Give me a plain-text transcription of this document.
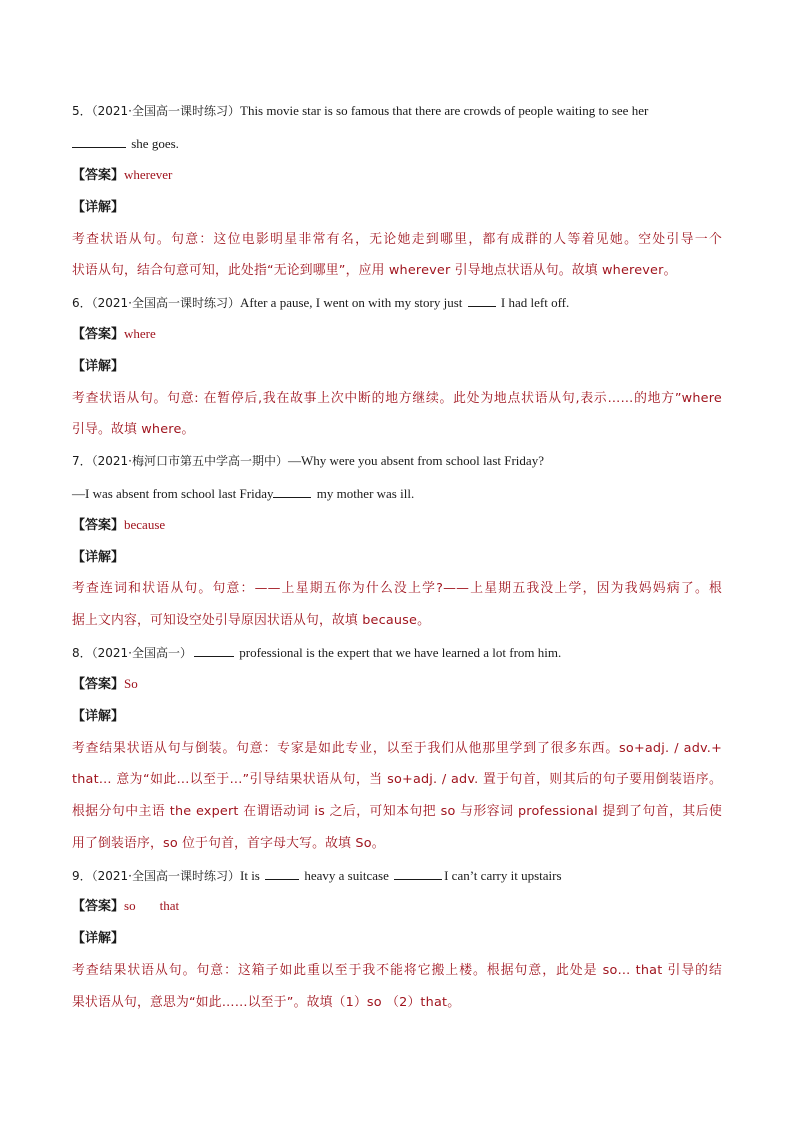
5．（2021·全国高一课时练习）This movie star is so famous that there are crowds of people waiting to see her
she goes.
【答案】wherever
【详解】
考查状语从句。句意：这位电影明星非常有名，无论她走到哪里，都有成群的人等着见她。空处引导一个
状语从句，结合句意可知，此处指“无论到哪里”，应用 wherever 引导地点状语从句。故填 wherever。
6．（2021·全国高一课时练习）After a pause, I went on with my story just  I had left off.
【答案】where
【详解】
考查状语从句。句意: 在暂停后,我在故事上次中断的地方继续。此处为地点状语从句,表示……的地方”where
引导。故填 where。
7．（2021·梅河口市第五中学高一期中）—Why were you absent from school last Friday?
—I was absent from school last Friday	my mother was ill.
【答案】because
【详解】
考查连词和状语从句。句意：——上星期五你为什么没上学?——上星期五我没上学，因为我妈妈病了。根
据上文内容，可知设空处引导原因状语从句，故填 because。
8．（2021·全国高一）	professional is the expert that we have learned a lot from him.
【答案】So
【详解】
考查结果状语从句与倒装。句意：专家是如此专业，以至于我们从他那里学到了很多东西。so+adj. / adv.+
that… 意为“如此...以至于...”引导结果状语从句，当 so+adj. / adv. 置于句首，则其后的句子要用倒装语序。
根据分句中主语 the expert 在谓语动词 is 之后，可知本句把 so 与形容词 professional 提到了句首，其后使
用了倒装语序，so 位于句首，首字母大写。故填 So。
9．（2021·全国高一课时练习）It is	heavy a suitcase	I can’t carry it upstairs
【答案】so that
【详解】
考查结果状语从句。句意：这箱子如此重以至于我不能将它搬上楼。根据句意，此处是 so… that 引导的结
果状语从句，意思为“如此……以至于”。故填（1）so （2）that。
